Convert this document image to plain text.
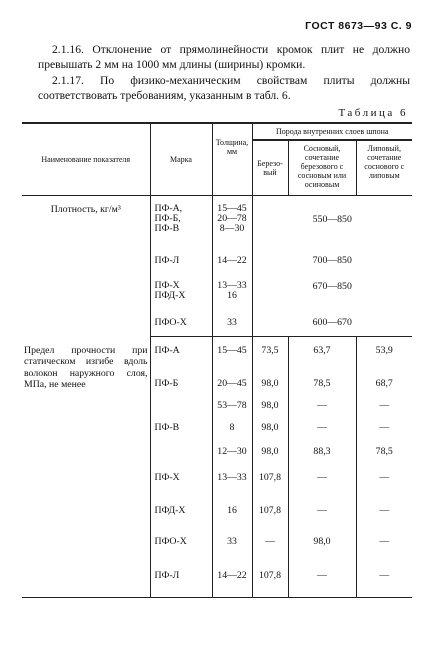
ГОСТ 8673—93 С. 9
2.1.16. Отклонение от прямолинейности кромок плит не должно превышать 2 мм на 1000 мм длины (ширины) кромки.
2.1.17. По физико-механическим свойствам плиты должны соответствовать требованиям, указанным в табл. 6.
Таблица 6
Наименование показателя	Марка	Толщина, мм	Порода внутренних слоев шпона		
			Березо-вый	Сосновый, сочетание березового с сосновым или осиновым	Липовый, сочетание соснового с липовым
Плотность, кг/м³	ПФ-А,
ПФ-Б,
ПФ-В	15—45
20—78
8—30	550—850		
	ПФ-Л	14—22	700—850		

	ПФ-Х
ПФД-Х	13—33
16	670—850		
	ПФО-Х	33	600—670		
Предел прочности при статическом изгибе вдоль волокон наружного слоя, МПа, не менее	ПФ-А	15—45	73,5	63,7	53,9
	ПФ-Б	20—45	98,0	78,5	68,7
		53—78	98,0	—	—
	ПФ-В	8	98,0	—	—
		12—30	98,0	88,3	78,5
	ПФ-Х	13—33	107,8	—	—
	ПФД-Х	16	107,8	—	—
	ПФО-Х	33	—	98,0	—
	ПФ-Л	14—22	107,8	—	—
